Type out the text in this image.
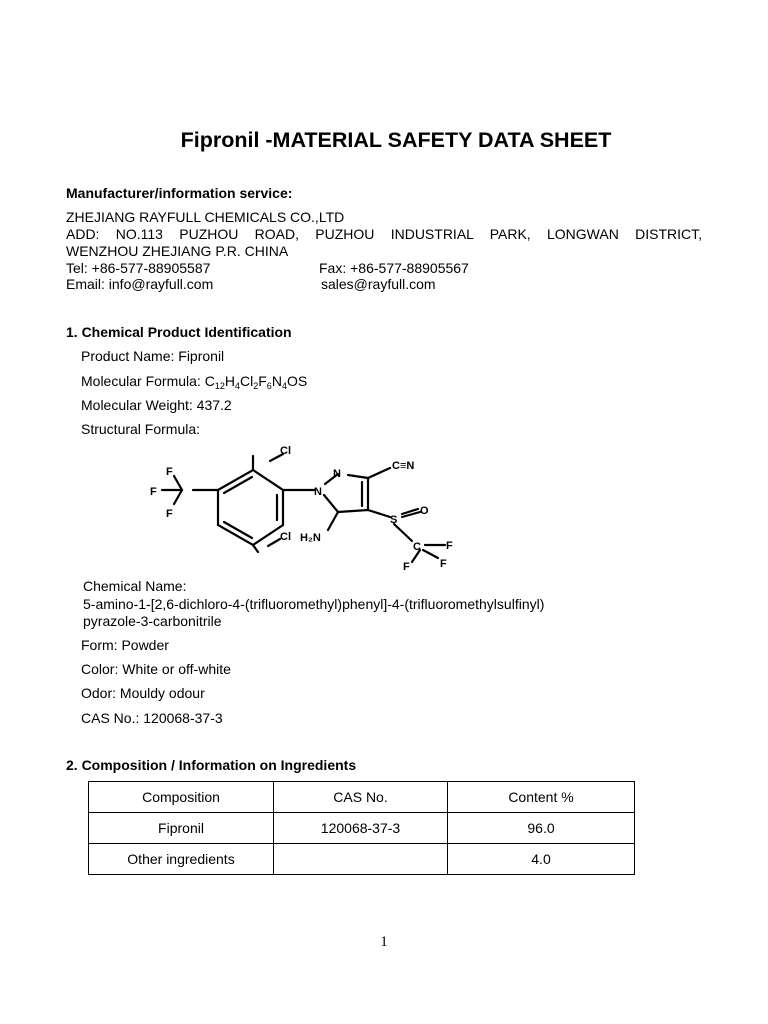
Fipronil -MATERIAL SAFETY DATA SHEET
Manufacturer/information service:
ZHEJIANG RAYFULL CHEMICALS CO.,LTD
ADD: NO.113 PUZHOU ROAD, PUZHOU INDUSTRIAL PARK, LONGWAN DISTRICT,
WENZHOU ZHEJIANG P.R. CHINA
Tel: +86-577-88905587	Fax: +86-577-88905567
Email: info@rayfull.com	sales@rayfull.com
1. Chemical Product Identification
Product Name: Fipronil
Molecular Formula: $C_{12}H_4Cl_2F_6N_4OS$
Molecular Weight: 437.2
Structural Formula:
Cl
Cl
F
F
F
N
N
C≡N
H₂N
S
O
C F
F	F
Chemical Name:
5-amino-1-[2,6-dichloro-4-(trifluoromethyl)phenyl]-4-(trifluoromethylsulfinyl)
pyrazole-3-carbonitrile
Form: Powder
Color: White or off-white
Odor: Mouldy odour
CAS No.: 120068-37-3
2. Composition / Information on Ingredients
Composition	CAS No.	Content %
Fipronil	120068-37-3	96.0
Other ingredients		4.0
1
